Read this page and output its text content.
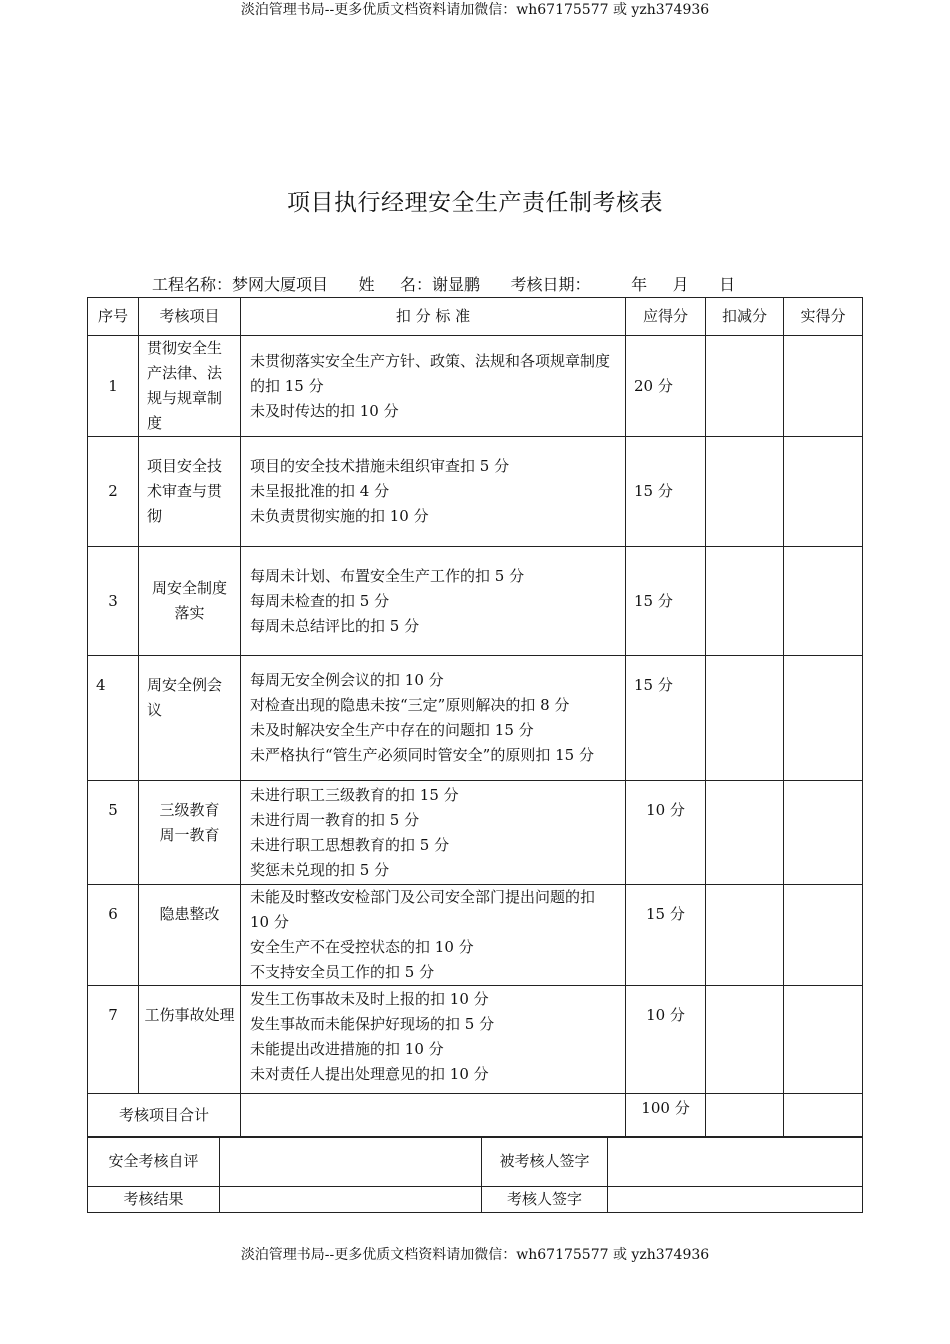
淡泊管理书局--更多优质文档资料请加微信：wh67175577 或 yzh374936
项目执行经理安全生产责任制考核表
工程名称：梦网大厦项目      姓     名：谢显鹏      考核日期：        年     月      日
序号	考核项目	扣 分 标 准	应得分	扣减分	实得分
1	贯彻安全生产法律、法规与规章制度	未贯彻落实安全生产方针、政策、法规和各项规章制度的扣 15 分
未及时传达的扣 10 分	20 分		
2	项目安全技术审查与贯彻	项目的安全技术措施未组织审查扣 5 分
未呈报批准的扣 4 分
未负责贯彻实施的扣 10 分	15 分		
3	周安全制度落实	每周未计划、布置安全生产工作的扣 5 分
每周未检查的扣 5 分
每周未总结评比的扣 5 分	15 分		
4	周安全例会议	每周无安全例会议的扣 10 分
对检查出现的隐患未按“三定”原则解决的扣 8 分
未及时解决安全生产中存在的问题扣 15 分
未严格执行“管生产必须同时管安全”的原则扣 15 分	15 分		
5	三级教育周一教育	未进行职工三级教育的扣 15 分
未进行周一教育的扣 5 分
未进行职工思想教育的扣 5 分
奖惩未兑现的扣 5 分	10 分		
6	隐患整改	未能及时整改安检部门及公司安全部门提出问题的扣 10 分
安全生产不在受控状态的扣 10 分
不支持安全员工作的扣 5 分	15 分		
7	工伤事故处理	发生工伤事故未及时上报的扣 10 分
发生事故而未能保护好现场的扣 5 分
未能提出改进措施的扣 10 分
未对责任人提出处理意见的扣 10 分	10 分		
考核项目合计			100 分		
安全考核自评		被考核人签字	
考核结果		考核人签字	
淡泊管理书局--更多优质文档资料请加微信：wh67175577 或 yzh374936
